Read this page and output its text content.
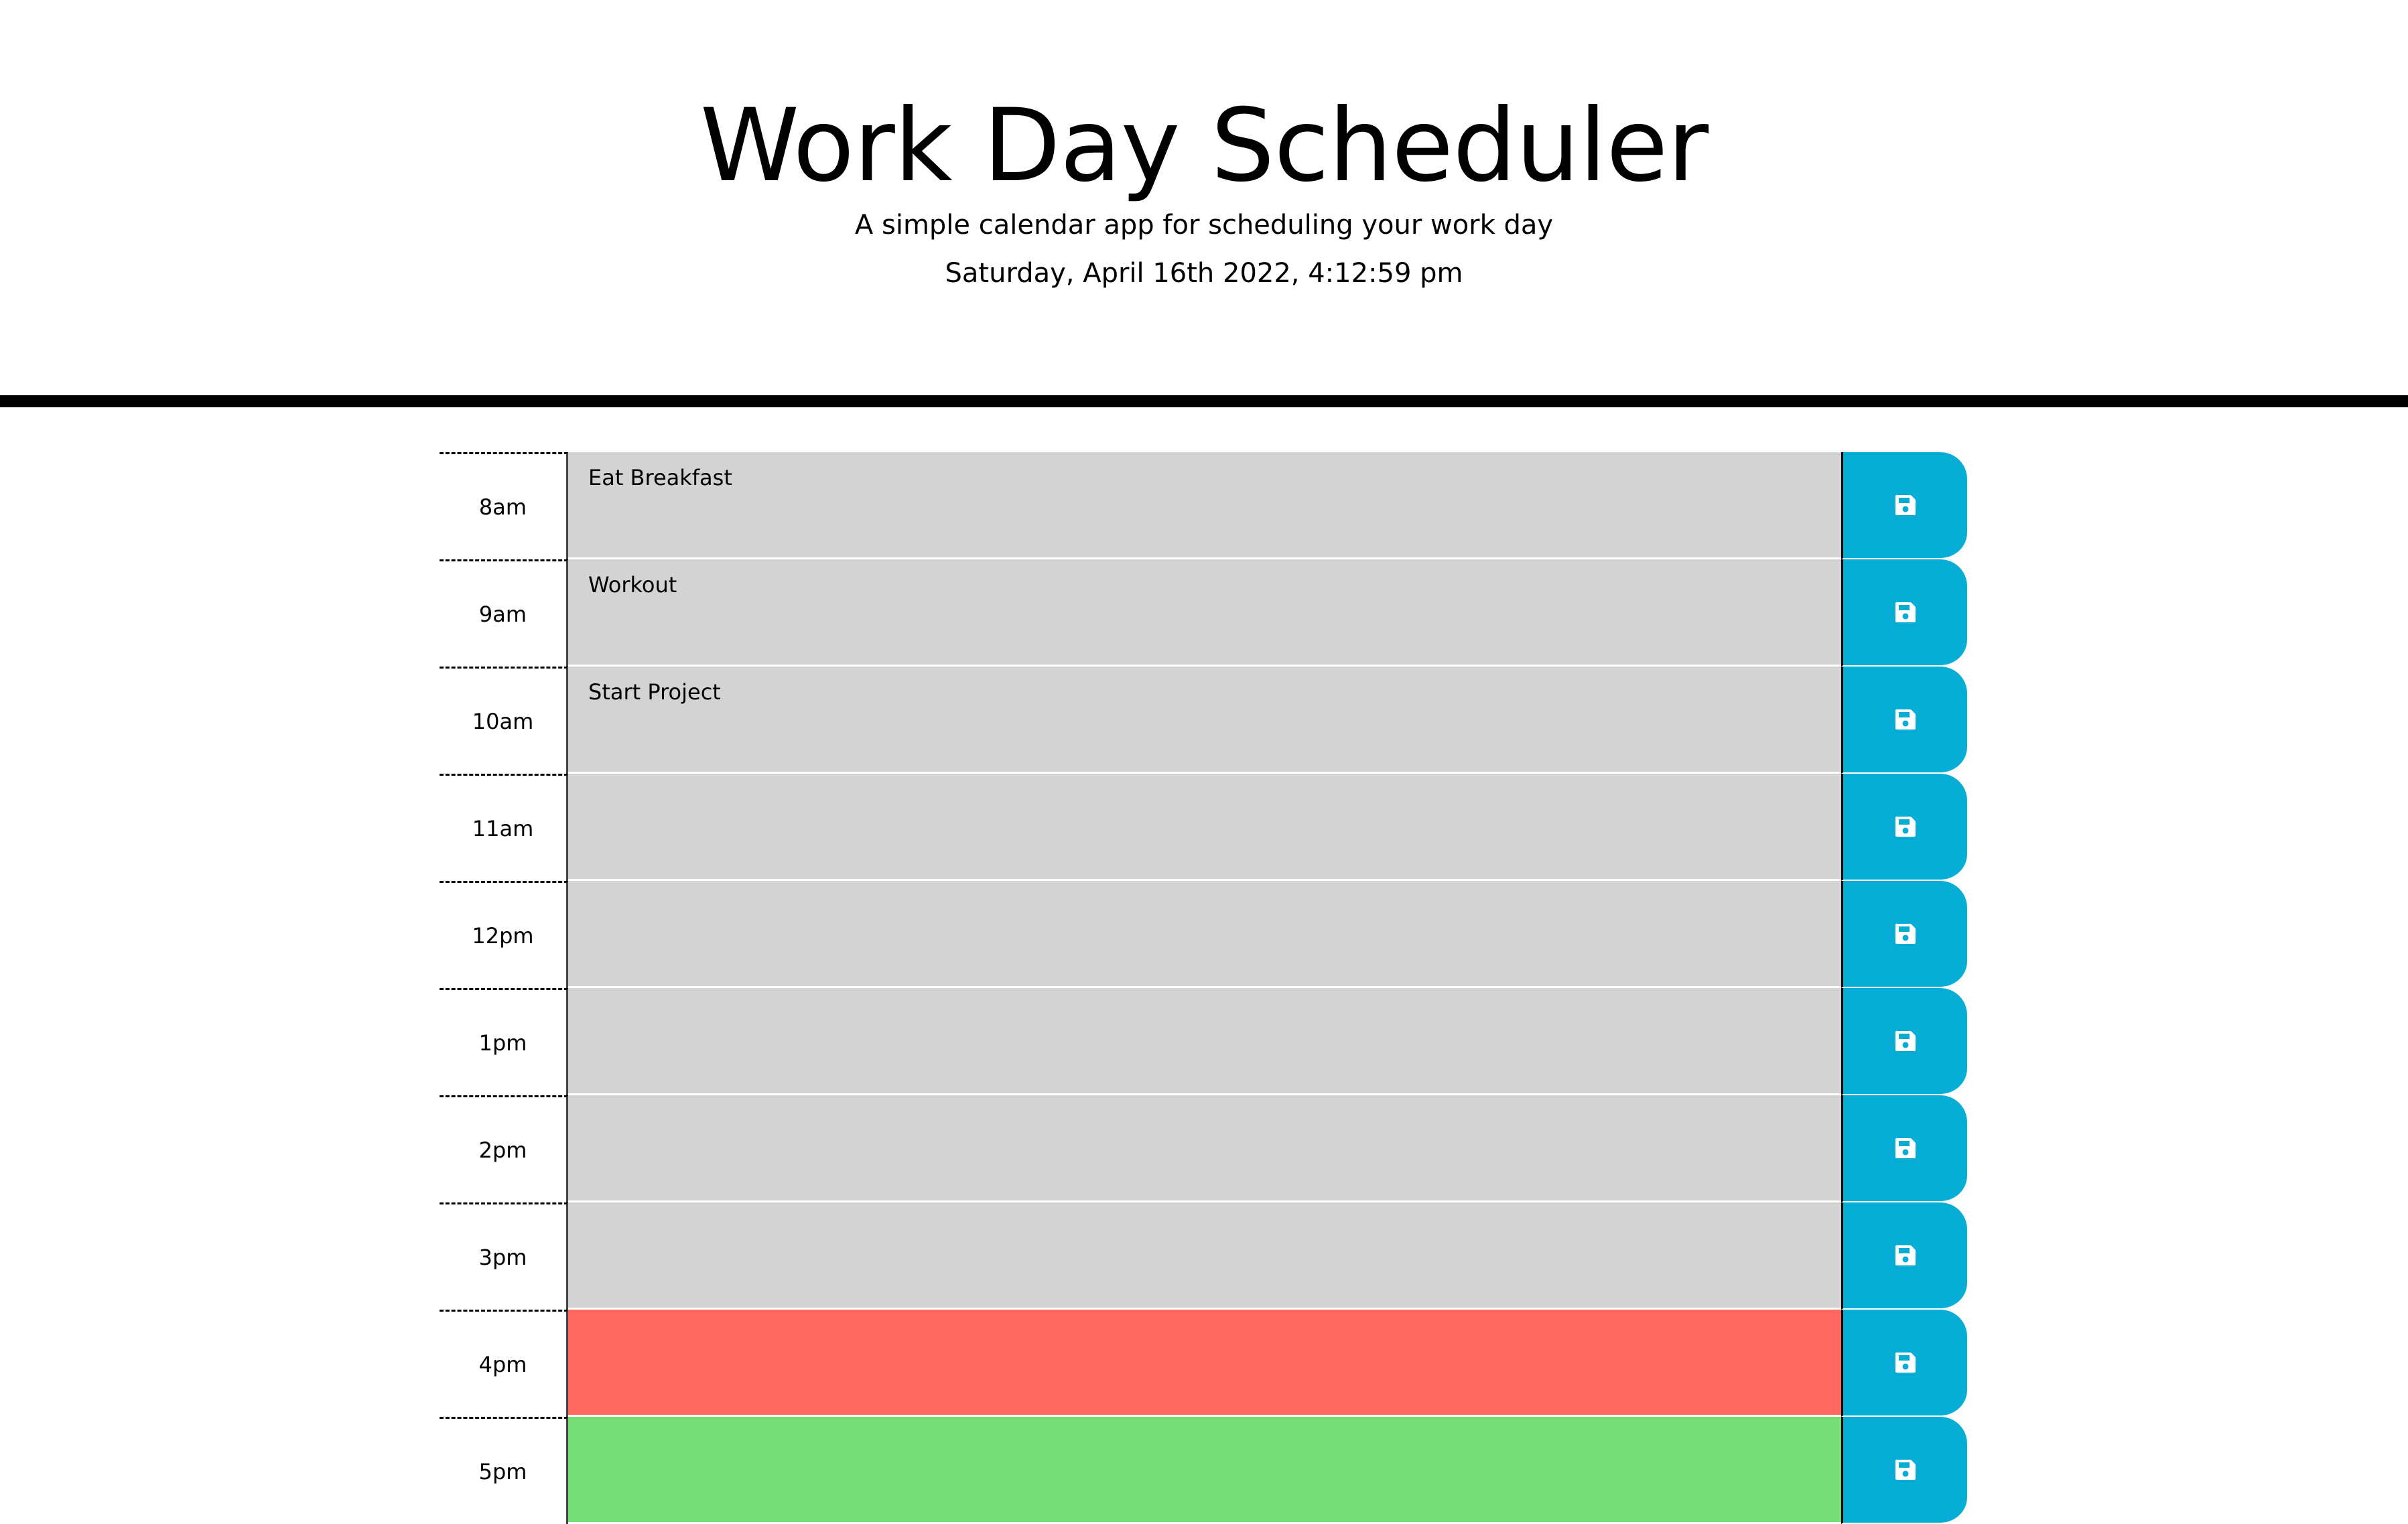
Work Day Scheduler

A simple calendar app for scheduling your work day

Saturday, April 16th 2022, 4:12:59 pm

8am
Eat Breakfast
9am
Workout
10am
Start Project
11am
12pm
1pm
2pm
3pm
4pm
5pm
